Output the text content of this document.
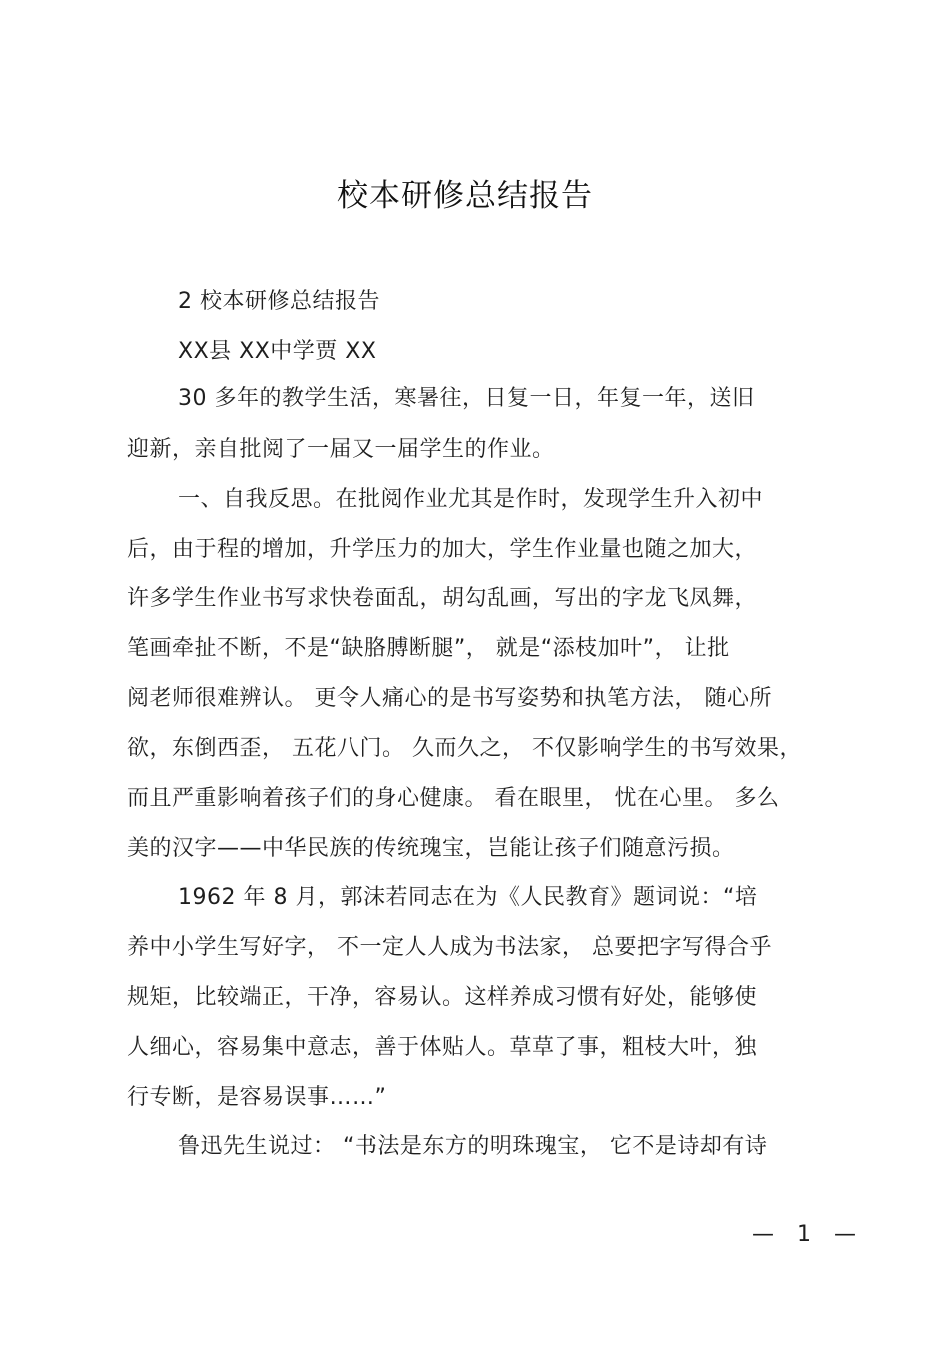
校本研修总结报告
2 校本研修总结报告
XX县 XX中学贾 XX
30 多年的教学生活，寒暑往，日复一日，年复一年，送旧
迎新，亲自批阅了一届又一届学生的作业。
一、自我反思。在批阅作业尤其是作时，发现学生升入初中
后，由于程的增加，升学压力的加大，学生作业量也随之加大，
许多学生作业书写求快卷面乱，胡勾乱画，写出的字龙飞凤舞，
笔画牵扯不断，不是“缺胳膊断腿”， 就是“添枝加叶”， 让批
阅老师很难辨认。 更令人痛心的是书写姿势和执笔方法， 随心所
欲，东倒西歪， 五花八门。 久而久之， 不仅影响学生的书写效果，
而且严重影响着孩子们的身心健康。 看在眼里， 忧在心里。 多么
美的汉字——中华民族的传统瑰宝，岂能让孩子们随意污损。
1962 年 8 月，郭沫若同志在为《人民教育》题词说：“培
养中小学生写好字， 不一定人人成为书法家， 总要把字写得合乎
规矩，比较端正，干净，容易认。这样养成习惯有好处，能够使
人细心，容易集中意志，善于体贴人。草草了事，粗枝大叶，独
行专断，是容易误事……”
鲁迅先生说过： “书法是东方的明珠瑰宝， 它不是诗却有诗
— 1 —
